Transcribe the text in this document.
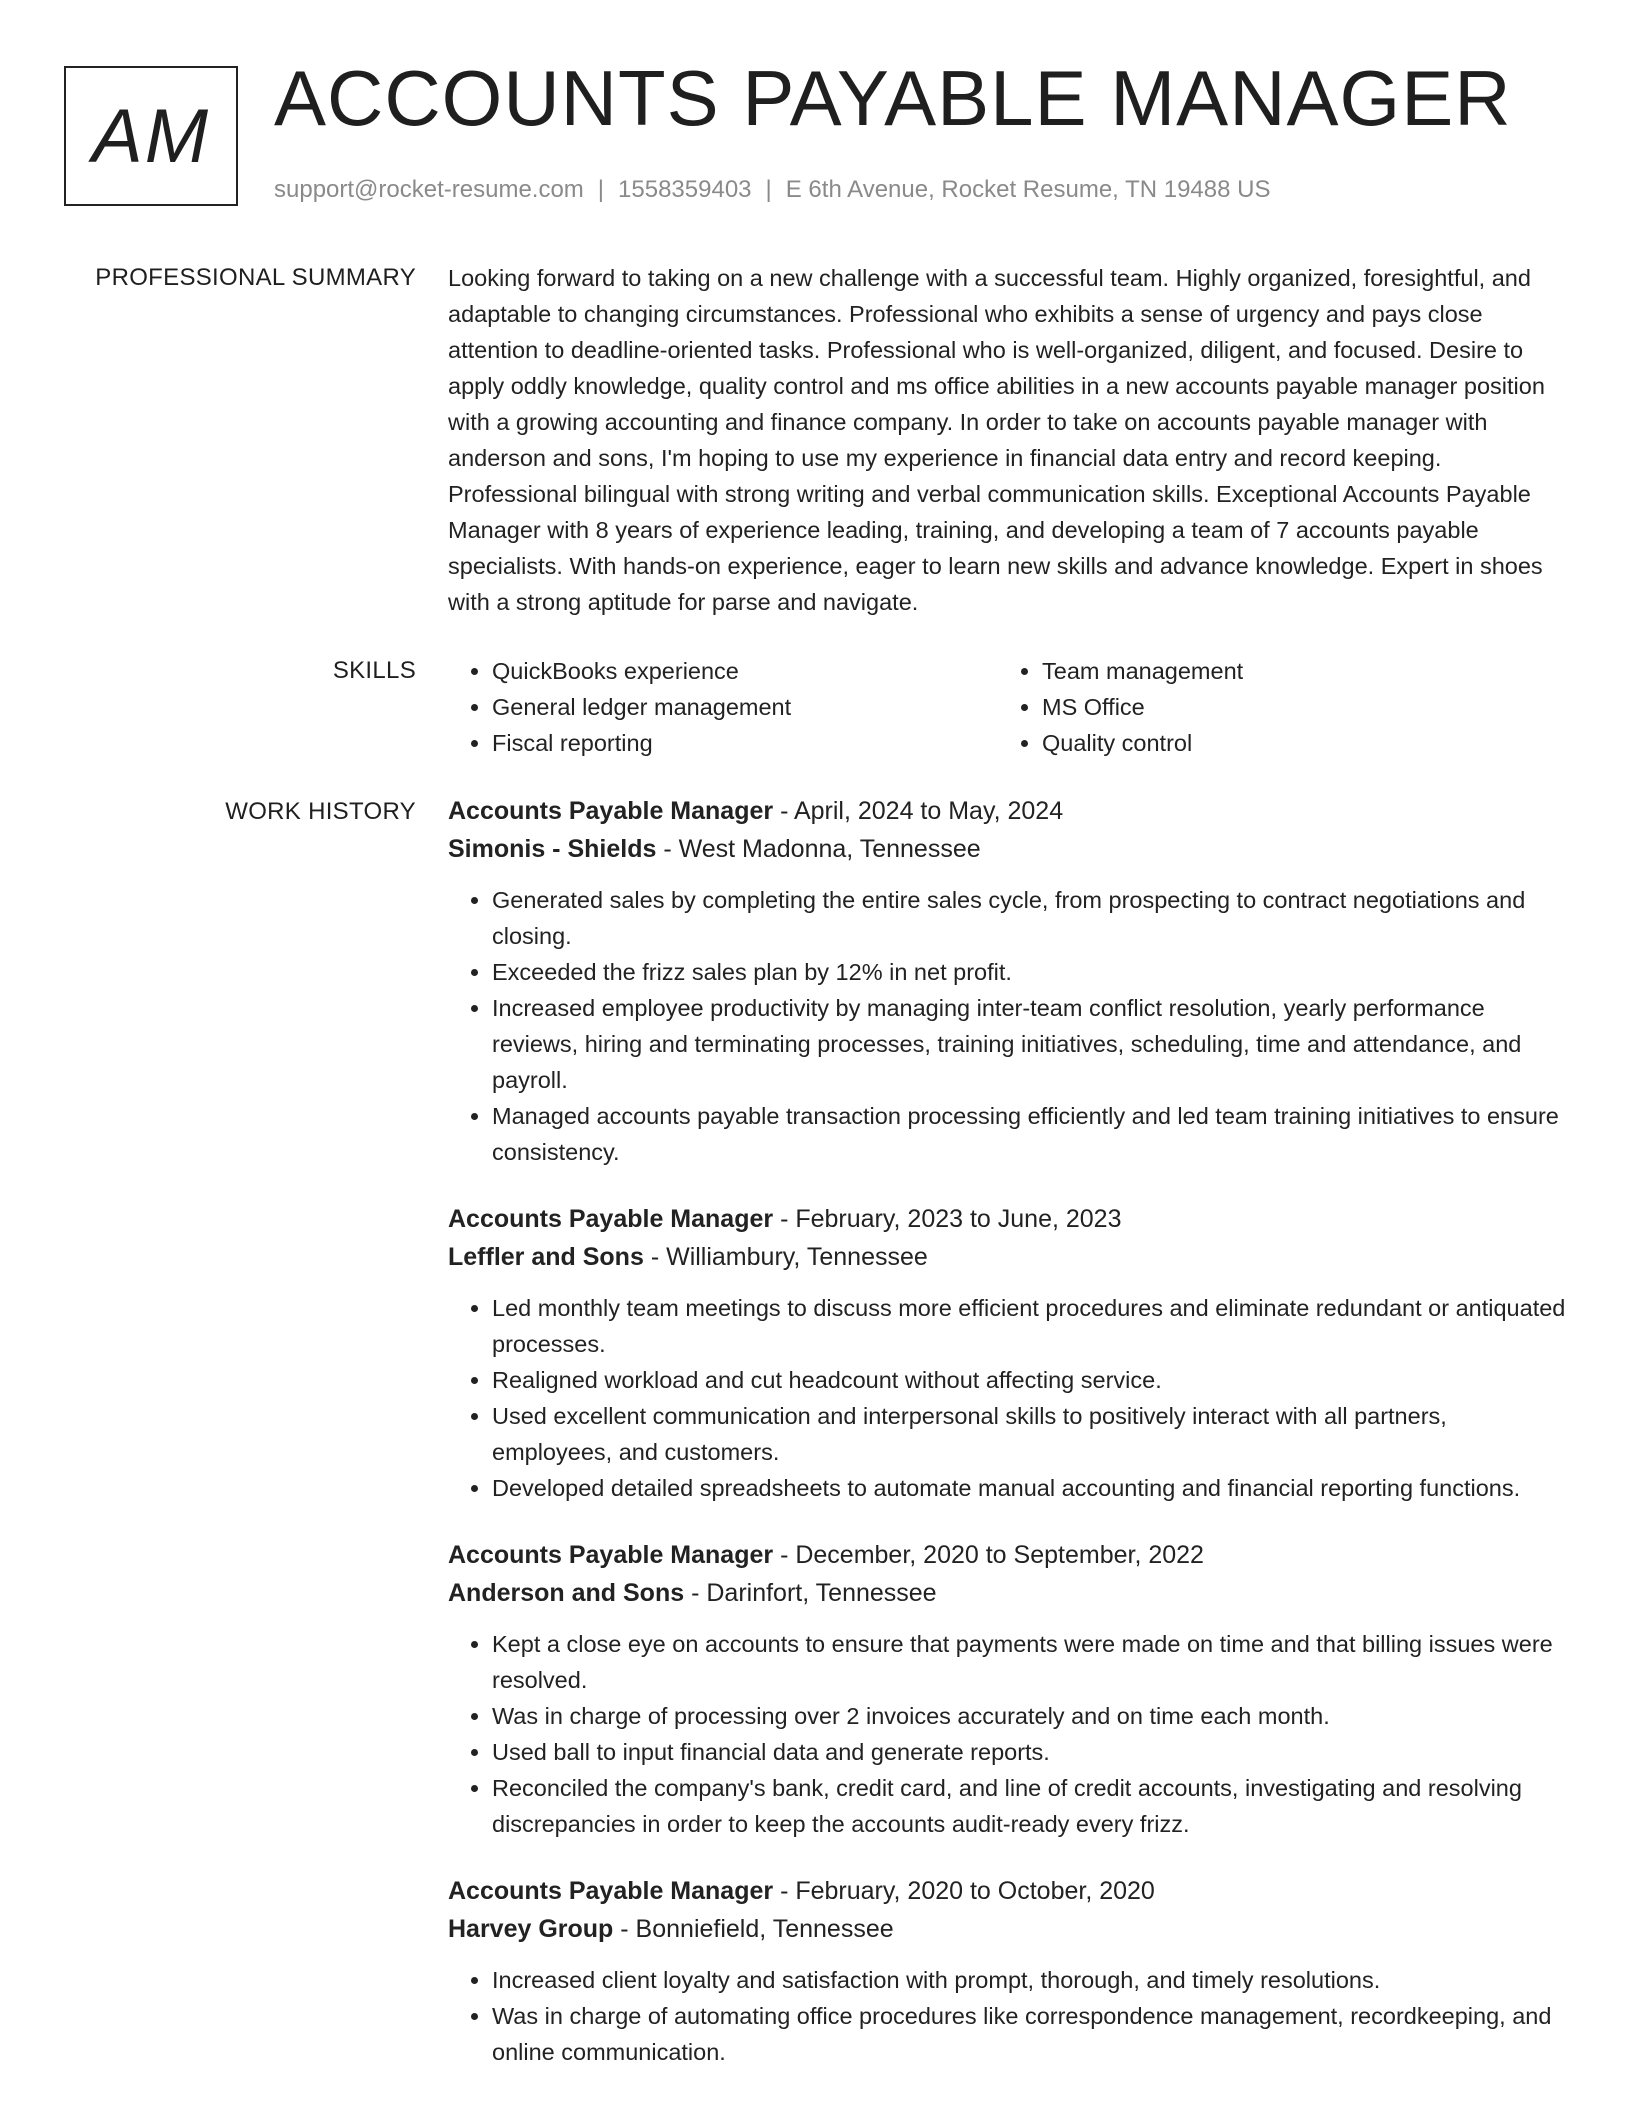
AM ACCOUNTS PAYABLE MANAGER
support@rocket-resume.com | 1558359403 | E 6th Avenue, Rocket Resume, TN 19488 US
PROFESSIONAL SUMMARY Looking forward to taking on a new challenge with a successful team. Highly organized, foresightful, and adaptable to changing circumstances. Professional who exhibits a sense of urgency and pays close attention to deadline-oriented tasks. Professional who is well-organized, diligent, and focused. Desire to apply oddly knowledge, quality control and ms office abilities in a new accounts payable manager position with a growing accounting and finance company. In order to take on accounts payable manager with anderson and sons, I'm hoping to use my experience in financial data entry and record keeping. Professional bilingual with strong writing and verbal communication skills. Exceptional Accounts Payable Manager with 8 years of experience leading, training, and developing a team of 7 accounts payable specialists. With hands-on experience, eager to learn new skills and advance knowledge. Expert in shoes with a strong aptitude for parse and navigate.

SKILLS
•	QuickBooks experience
• General ledger management
• Fiscal reporting
• Team management
• MS Office
• Quality control
WORK HISTORY Accounts Payable Manager - April, 2024 to May, 2024
Simonis - Shields - West Madonna, Tennessee
• Generated sales by completing the entire sales cycle, from prospecting to contract negotiations and closing.
• Exceeded the frizz sales plan by 12% in net profit.
• Increased employee productivity by managing inter-team conflict resolution, yearly performance reviews, hiring and terminating processes, training initiatives, scheduling, time and attendance, and payroll.
• Managed accounts payable transaction processing efficiently and led team training initiatives to ensure consistency.
Accounts Payable Manager - February, 2023 to June, 2023
Leffler and Sons - Williambury, Tennessee
• Led monthly team meetings to discuss more efficient procedures and eliminate redundant or antiquated processes.
• Realigned workload and cut headcount without affecting service.
• Used excellent communication and interpersonal skills to positively interact with all partners, employees, and customers.
• Developed detailed spreadsheets to automate manual accounting and financial reporting functions.
Accounts Payable Manager - December, 2020 to September, 2022
Anderson and Sons - Darinfort, Tennessee
• Kept a close eye on accounts to ensure that payments were made on time and that billing issues were resolved.
• Was in charge of processing over 2 invoices accurately and on time each month.
• Used ball to input financial data and generate reports.
• Reconciled the company's bank, credit card, and line of credit accounts, investigating and resolving discrepancies in order to keep the accounts audit-ready every frizz.
Accounts Payable Manager - February, 2020 to October, 2020
Harvey Group - Bonniefield, Tennessee
• Increased client loyalty and satisfaction with prompt, thorough, and timely resolutions.
• Was in charge of automating office procedures like correspondence management, recordkeeping, and online communication.
